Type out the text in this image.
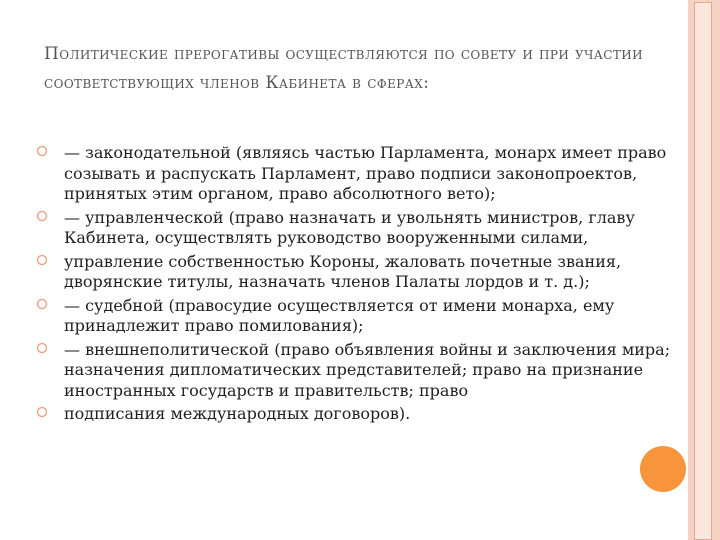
Политические прерогативы осуществляются по совету и при участии соответствующих членов Кабинета в сферах:
— законодательной (являясь частью Парламента, монарх имеет право созывать и распускать Парламент, право подписи законопроектов, принятых этим органом, право абсолютного вето);
— управленческой (право назначать и увольнять министров, главу Кабинета, осуществлять руководство вооруженными силами,
управление собственностью Короны, жаловать почетные звания, дворянские титулы, назначать членов Палаты лордов и т. д.);
— судебной (правосудие осуществляется от имени монарха, ему принадлежит право помилования);
— внешнеполитической (право объявления войны и заключения мира; назначения дипломатических представителей; право на признание иностранных государств и правительств; право
подписания международных договоров).
